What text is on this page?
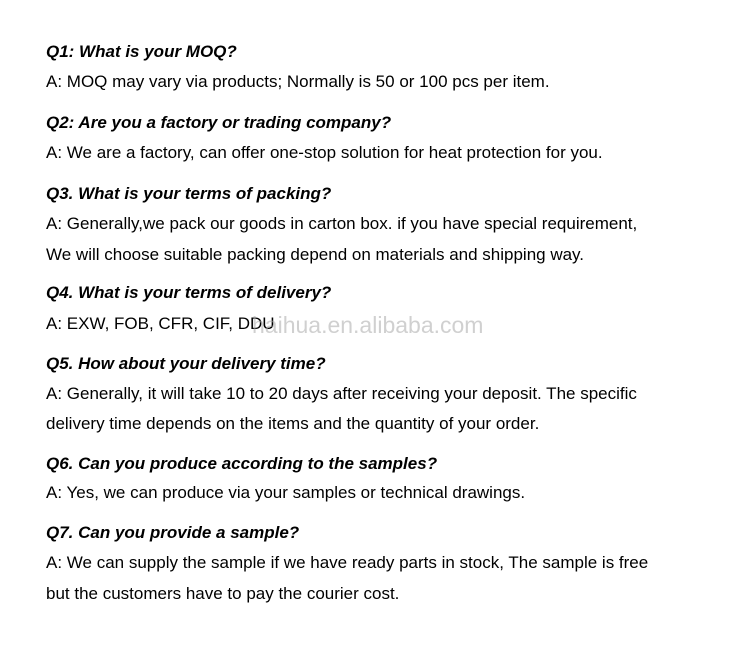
Q1: What is your MOQ?
A: MOQ may vary via products; Normally is 50 or 100 pcs per item.
Q2: Are you a factory or trading company?
A: We are a factory, can offer one-stop solution for heat protection for you.
Q3. What is your terms of packing?
A: Generally,we pack our goods in carton box. if you have special requirement,
We will choose suitable packing depend on materials and shipping way.
Q4. What is your terms of delivery?
A: EXW, FOB, CFR, CIF, DDU
Q5. How about your delivery time?
A: Generally, it will take 10 to 20 days after receiving your deposit. The specific
delivery time depends on the items and the quantity of your order.
Q6. Can you produce according to the samples?
A: Yes, we can produce via your samples or technical drawings.
Q7. Can you provide a sample?
A: We can supply the sample if we have ready parts in stock, The sample is free
but the customers have to pay the courier cost.
haihua.en.alibaba.com
